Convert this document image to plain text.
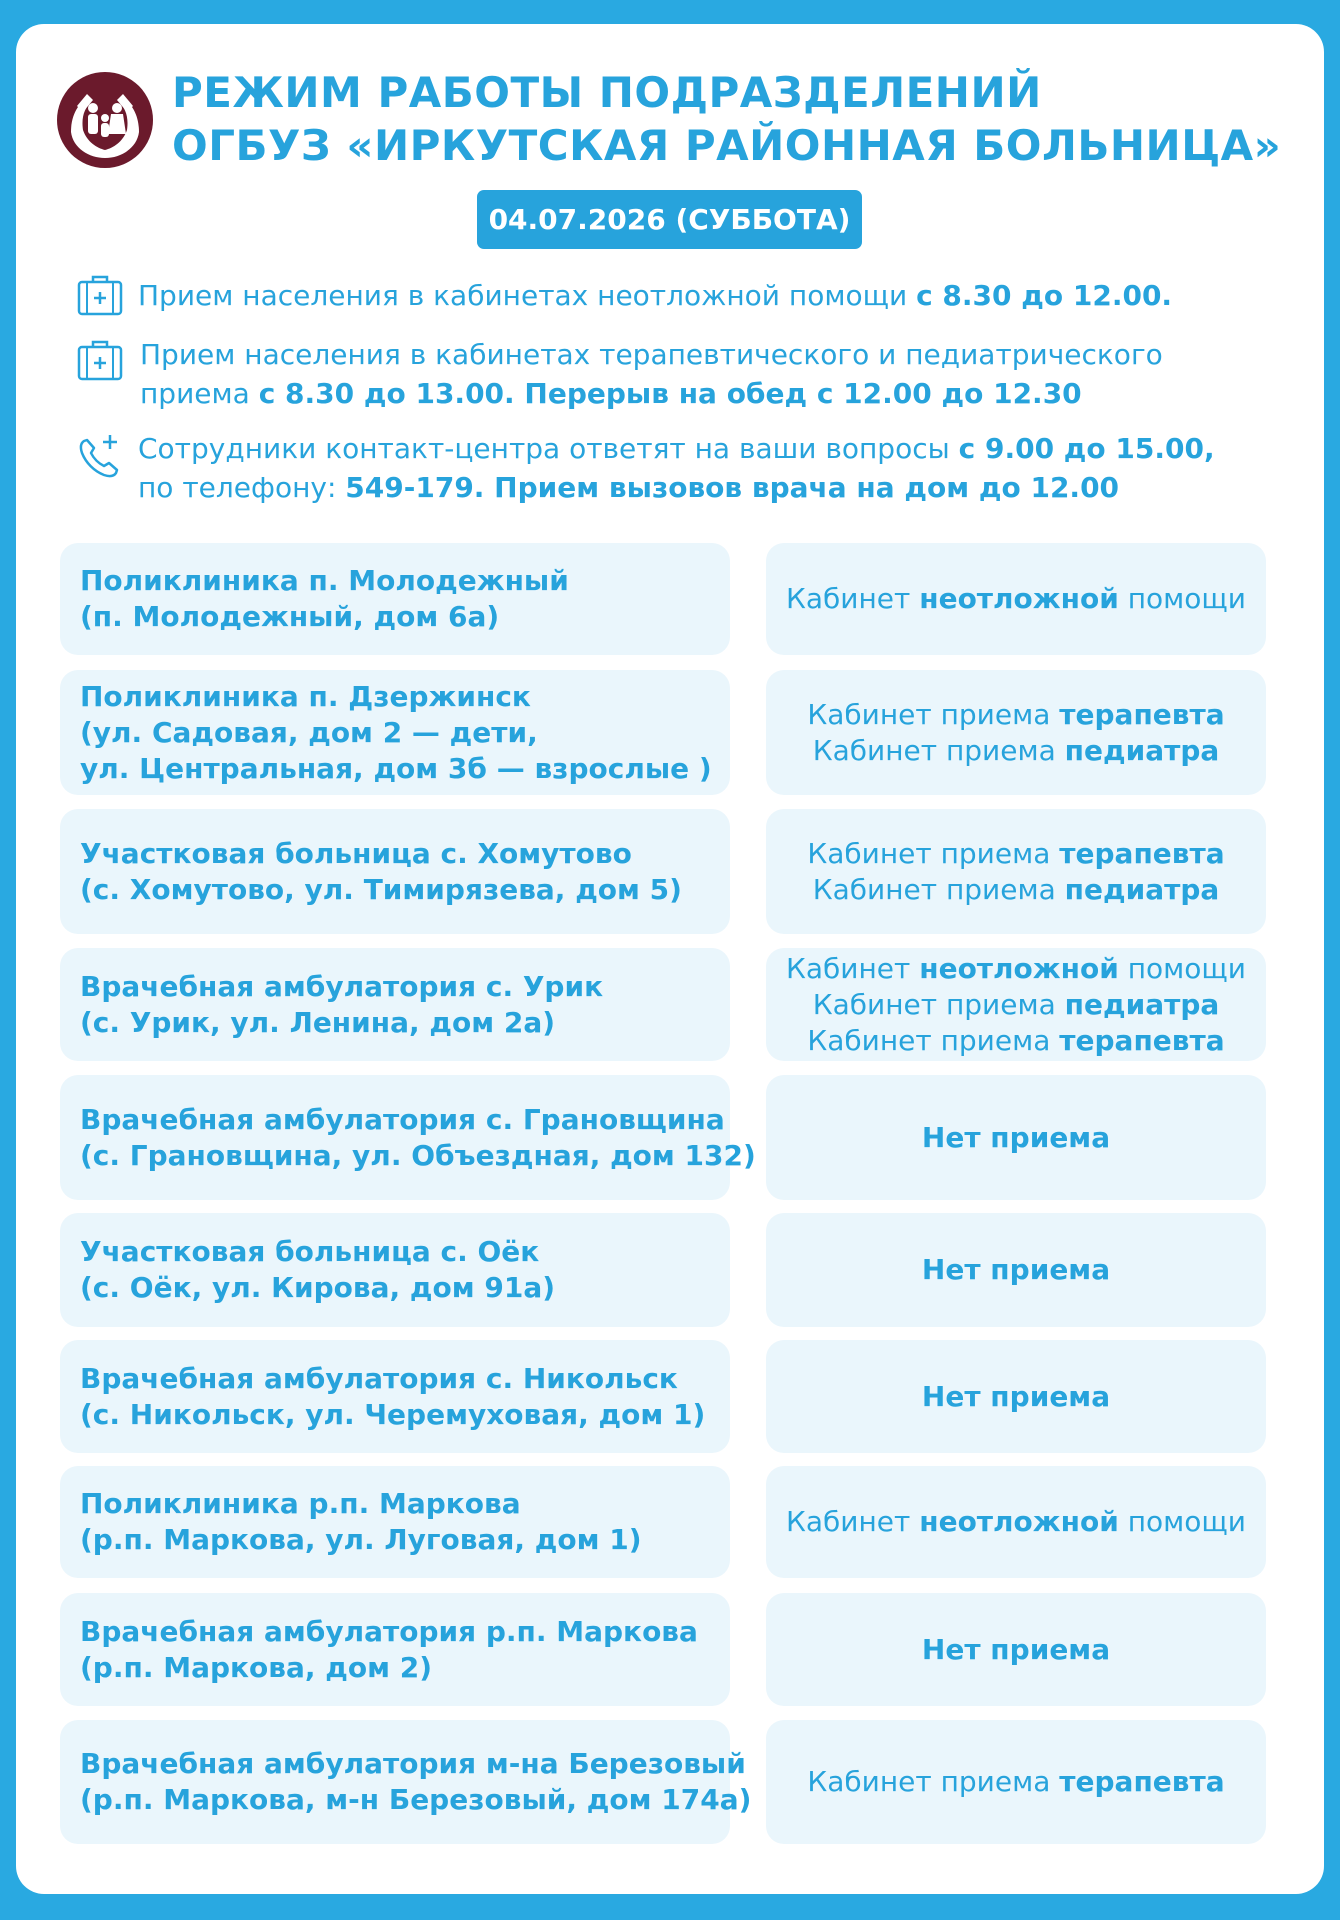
РЕЖИМ РАБОТЫ ПОДРАЗДЕЛЕНИЙ
ОГБУЗ «ИРКУТСКАЯ РАЙОННАЯ БОЛЬНИЦА»
04.07.2026 (СУББОТА)
Прием населения в кабинетах неотложной помощи с 8.30 до 12.00.
Прием населения в кабинетах терапевтического и педиатрического
приема с 8.30 до 13.00. Перерыв на обед с 12.00 до 12.30
Сотрудники контакт-центра ответят на ваши вопросы с 9.00 до 15.00,
по телефону: 549-179. Прием вызовов врача на дом до 12.00
Поликлиника п. Молодежный
(п. Молодежный, дом 6а)
Кабинет неотложной помощи
Поликлиника п. Дзержинск
(ул. Садовая, дом 2 — дети,
ул. Центральная, дом 3б — взрослые )
Кабинет приема терапевта
Кабинет приема педиатра
Участковая больница с. Хомутово
(с. Хомутово, ул. Тимирязева, дом 5)
Кабинет приема терапевта
Кабинет приема педиатра
Врачебная амбулатория с. Урик
(с. Урик, ул. Ленина, дом 2а)
Кабинет неотложной помощи
Кабинет приема педиатра
Кабинет приема терапевта
Врачебная амбулатория с. Грановщина
(с. Грановщина, ул. Объездная, дом 132)
Нет приема
Участковая больница с. Оёк
(с. Оёк, ул. Кирова, дом 91а)
Нет приема
Врачебная амбулатория с. Никольск
(с. Никольск, ул. Черемуховая, дом 1)
Нет приема
Поликлиника р.п. Маркова
(р.п. Маркова, ул. Луговая, дом 1)
Кабинет неотложной помощи
Врачебная амбулатория р.п. Маркова
(р.п. Маркова, дом 2)
Нет приема
Врачебная амбулатория м-на Березовый
(р.п. Маркова, м-н Березовый, дом 174а)
Кабинет приема терапевта
